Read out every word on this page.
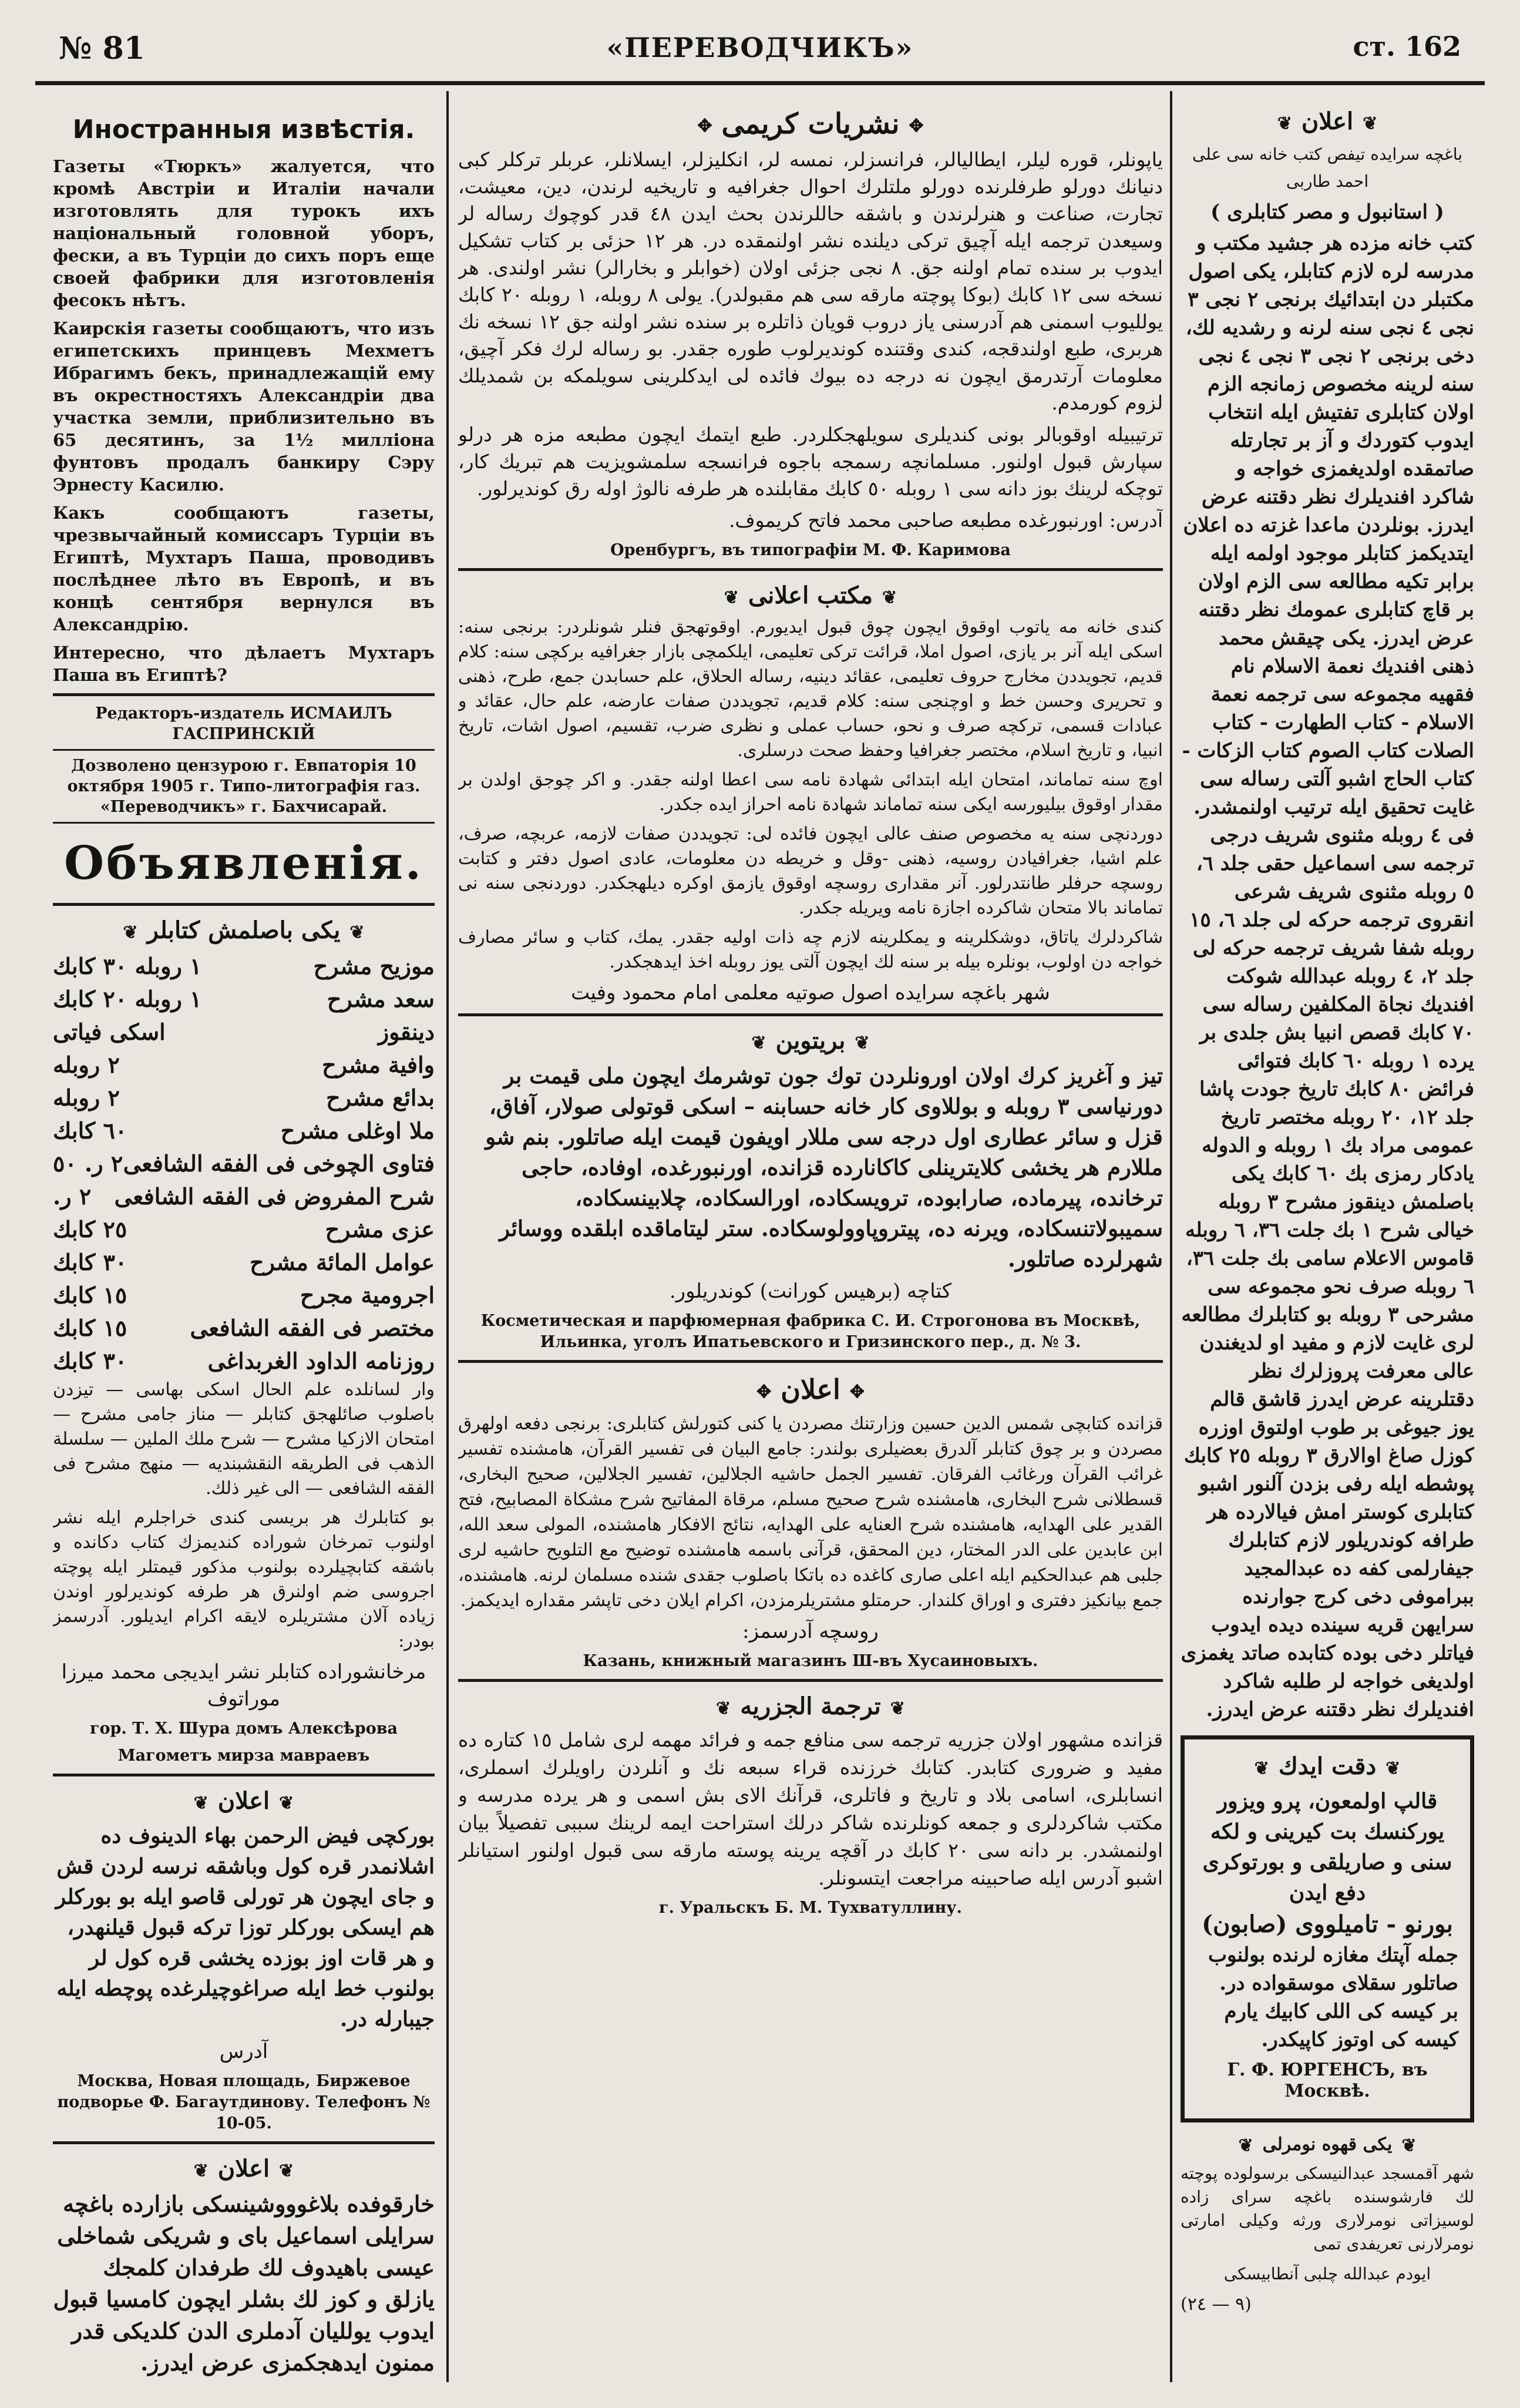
№ 81	«ПЕРЕВОДЧИКЪ»	ст. 162
Иностранныя извѣстія.

Газеты «Тюркъ» жалуется, что кромѣ Австріи и Италіи начали изготовлять для турокъ ихъ національный головной уборъ, фески, а въ Турціи до сихъ поръ еще своей фабрики для изготовленія фесокъ нѣтъ.

Каирскія газеты сообщаютъ, что изъ египетскихъ принцевъ Мехметъ Ибрагимъ бекъ, принадлежащій ему въ окрестностяхъ Александріи два участка земли, приблизительно въ 65 десятинъ, за 1½ милліона фунтовъ продалъ банкиру Сэру Эрнесту Касилю.

Какъ сообщаютъ газеты, чрезвычайный комиссаръ Турціи въ Египтѣ, Мухтаръ Паша, проводивъ послѣднее лѣто въ Европѣ, и въ концѣ сентября вернулся въ Александрію.

Интересно, что дѣлаетъ Мухтаръ Паша въ Египтѣ?

Редакторъ-издатель ИСМАИЛЪ ГАСПРИНСКІЙ
Дозволено цензурою г. Евпаторія 10 октября 1905 г. Типо-литографія газ. «Переводчикъ» г. Бахчисарай.
Объявленія.
❦يكى باصلمش كتابلر❦
موزيح مشرح
١ روبله ٣٠ كابك
سعد مشرح
١ روبله ٢٠ كابك
دينقوز
اسكى فياتى
وافية مشرح
٢ روبله
بدائع مشرح
٢ روبله
ملا اوغلى مشرح
٦٠ كابك
فتاوى الچوخى فى الفقه الشافعى
٢ ر. ٥٠
شرح المفروض فى الفقه الشافعى
٢ ر.
عزى مشرح
٢٥ كابك
عوامل المائة مشرح
٣٠ كابك
اجرومية مجرح
١٥ كابك
مختصر فى الفقه الشافعى
١٥ كابك
روزنامه الداود الغربداغى
٣٠ كابك

وار لسانلده علم الحال اسكى بهاسى — تيزدن باصلوب صائلهجق كتابلر — مناز جامى مشرح — امتحان الازكيا مشرح — شرح ملك الملين — سلسلة الذهب فى الطريقه النقشبنديه — منهج مشرح فى الفقه الشافعى — الى غير ذلك.

بو كتابلرك هر بريسى كندى خراجلرم ايله نشر اولنوب تمرخان شوراده كنديمزك كتاب دكانده و باشقه كتابچيلرده بولنوب مذكور قيمتلر ايله پوچته اجروسى ضم اولنرق هر طرفه كونديرلور اوندن زياده آلان مشتريلره لايقه اكرام ايديلور. آدرسمز بودر:

مرخانشوراده كتابلر نشر ايديجى محمد ميرزا موراتوف

гор. Т. Х. Шура домъ Алексѣрова
Магометъ мирза мавраевъ
❦اعلان❦

بوركچى فيض الرحمن بهاء الدينوف ده اشلانمدر قره كول وباشقه نرسه لردن قش و جاى ايچون هر تورلى قاصو ايله بو بوركلر هم ايسكى بوركلر توزا تركه قبول قيلنهدر، و هر قات اوز بوزده يخشى قره كول لر بولنوب خط ايله صراغوچيلرغده پوچطه ايله جيبارله در.

آدرس

Москва, Новая площадь, Биржевое подворье Ф. Багаутдинову. Телефонъ № 10-05.
❦اعلان❦

خارقوفده بلاغوووشينسكى بازارده باغچه سرايلى اسماعيل باى و شريكى شماخلى عيسى باهيدوف لك طرفدان كلمجك يازلق و كوز لك بشلر ايچون كامسيا قبول ايدوب يولليان آدملرى الدن كلديكى قدر ممنون ايدهجكمزى عرض ايدرز.

✥نشريات كريمى✥

ياپونلر، قوره ليلر، ايطاليالر، فرانسزلر، نمسه لر، انكليزلر، ايسلانلر، عربلر تركلر كبى دنيانك دورلو طرفلرنده دورلو ملتلرك احوال جغرافيه و تاريخيه لرندن، دين، معيشت، تجارت، صناعت و هنرلرندن و باشقه حاللرندن بحث ايدن ٤٨ قدر كوچوك رساله لر وسيعدن ترجمه ايله آچيق تركى ديلنده نشر اولنمقده در. هر ١٢ حزئى بر كتاب تشكيل ايدوب بر سنده تمام اولنه جق. ٨ نجى جزئى اولان (خوابلر و بخارالر) نشر اولندى. هر نسخه سى ١٢ كابك (بوكا پوچته مارقه سى هم مقبولدر). يولى ٨ روبله، ١ روبله ٢٠ كابك يولليوب اسمنى هم آدرسنى ياز دروب قويان ذاتلره بر سنده نشر اولنه جق ١٢ نسخه نك هربرى، طبع اولندقجه، كندى وقتنده كونديرلوب طوره جقدر. بو رساله لرك فكر آچيق، معلومات آرتدرمق ايچون نه درجه ده بيوك فائده لى ايدكلرينى سويلمكه بن شمديلك لزوم كورمدم.

ترتيبيله اوقوبالر بونى كنديلرى سويلهجكلردر. طبع ايتمك ايچون مطبعه مزه هر درلو سپارش قبول اولنور. مسلمانچه رسمجه باجوه فرانسجه سلمشويزيت هم تبريك كار، توچكه لرينك بوز دانه سى ١ روبله ٥٠ كابك مقابلنده هر طرفه نالوژ اوله رق كونديرلور.

آدرس: اورنبورغده مطبعه صاحبى محمد فاتح كريموف.

Оренбургъ, въ типографіи М. Ф. Каримова
❦مكتب اعلانى❦

كندى خانه مه ياتوب اوقوق ايچون چوق قبول ايديورم. اوقوتهجق فنلر شونلردر: برنجى سنه: اسكى ايله آنر بر يازى، اصول املا، قرائت تركى تعليمى، ايلكمچى بازار جغرافيه بركچى سنه: كلام قديم، تجويددن مخارج حروف تعليمى، عقائد دينيه، رساله الحلاق، علم حسابدن جمع، طرح، ذهنى و تحريرى وحسن خط و اوچنجى سنه: كلام قديم، تجويددن صفات عارضه، علم حال، عقائد و عبادات قسمى، تركچه صرف و نحو، حساب عملى و نظرى ضرب، تقسيم، اصول اشات، تاريخ انبيا، و تاريخ اسلام، مختصر جغرافيا وحفظ صحت درسلرى.

اوچ سنه تماماند، امتحان ايله ابتدائى شهادة نامه سى اعطا اولنه جقدر. و اكر چوجق اولدن بر مقدار اوقوق بيليورسه ايكى سنه تماماند شهادة نامه احراز ايده جكدر.

دوردنچى سنه يه مخصوص صنف عالى ايچون فائده لى: تجويددن صفات لازمه، عربچه، صرف، علم اشيا، جغرافيادن روسيه، ذهنى -وقل و خريطه دن معلومات، عادى اصول دفتر و كتابت روسچه حرفلر طانتدرلور. آنر مقدارى روسچه اوقوق يازمق اوكره ديلهجكدر. دوردنجى سنه نى تماماند بالا متحان شاكرده اجازة نامه ويريله جكدر.

شاكردلرك ياتاق، دوشكلرينه و يمكلرينه لازم چه ذات اوليه جقدر. يمك، كتاب و سائر مصارف خواجه دن اولوب، بونلره بيله بر سنه لك ايچون آلتى يوز روبله اخذ ايدهجكدر.

شهر باغچه سرايده اصول صوتيه معلمى امام محمود وفيت

❦بريتوين❦

تيز و آغريز كرك اولان اورونلردن توك جون توشرمك ايچون ملى قيمت بر دورنياسى ٣ روبله و بوللاوى كار خانه حسابنه – اسكى قوتولى صولار، آفاق، قزل و سائر عطارى اول درجه سى مللار اويفون قيمت ايله صاتلور. بنم شو مللارم هر يخشى كلايترينلى كاكانارده قزانده، اورنبورغده، اوفاده، حاجى ترخانده، پيرماده، صارابوده، ترويسكاده، اورالسكاده، چلابينسكاده، سميبولاتنسكاده، ويرنه ده، پيتروپاوولوسكاده. ستر ليتاماقده ابلقده ووسائر شهرلرده صاتلور.

كتاچه (برهيس كورانت) كوندريلور.

Косметическая и парфюмерная фабрика С. И. Строгонова въ Москвѣ, Ильинка, уголъ Ипатьевского и Гризинского пер., д. № 3.
✥اعلان✥

قزانده كتابچى شمس الدين حسين وزارتنك مصردن يا كنى كتورلش كتابلرى: برنجى دفعه اولهرق مصردن و بر چوق كتابلر آلدرق بعضيلرى بولندر: جامع البيان فى تفسير القرآن، هامشنده تفسير غرائب القرآن ورغائب الفرقان. تفسير الجمل حاشيه الجلالين، تفسير الجلالين، صحيح البخارى، قسطلانى شرح البخارى، هامشنده شرح صحيح مسلم، مرقاة المفاتيح شرح مشكاة المصابيح، فتح القدير على الهدايه، هامشنده شرح العنايه على الهدايه، نتائج الافكار هامشنده، المولى سعد الله، ابن عابدين على الدر المختار، دين المحقق، قرآنى باسمه هامشنده توضيح مع التلويح حاشيه لرى جلبى هم عبدالحكيم ايله اعلى صارى كاغده ده باتكا باصلوب جقدى شنده مسلمان لرنه. هامشنده، جمع بيانكيز دفترى و اوراق كلندار. حرمتلو مشتريلرمزدن، اكرام ايلان دخى تاپشر مقداره ايديكمز.

روسچه آدرسمز:

Казань, книжный магазинъ Ш-въ Хусаиновыхъ.
❦ترجمة الجزريه❦

قزانده مشهور اولان جزريه ترجمه سى منافع جمه و فرائد مهمه لرى شامل ١٥ كتاره ده مفيد و ضرورى كتابدر. كتابك خرزنده قراء سبعه نك و آنلردن راويلرك اسملرى، انسابلرى، اسامى بلاد و تاريخ و فاتلرى، قرآنك الاى بش اسمى و هر يرده مدرسه و مكتب شاكردلرى و جمعه كونلرنده شاكر درلك استراحت ايمه لرينك سببى تفصيلاً بيان اولنمشدر. بر دانه سى ٢٠ كابك در آقچه يرينه پوسته مارقه سى قبول اولنور استيانلر اشبو آدرس ايله صاحبينه مراجعت ايتسونلر.

г. Уральскъ Б. М. Тухватуллину.
❦اعلان❦

باغچه سرايده تيفص كتب خانه سى على احمد طاربى

( استانبول و مصر كتابلرى )

كتب خانه مزده هر جشيد مكتب و مدرسه لره لازم كتابلر، يكى اصول مكتبلر دن ابتدائيك برنجى ٢ نجى ٣ نجى ٤ نجى سنه لرنه و رشديه لك، دخى برنجى ٢ نجى ٣ نجى ٤ نجى سنه لرينه مخصوص زمانجه الزم اولان كتابلرى تفتيش ايله انتخاب ايدوب كتوردك و آز بر تجارتله صاتمقده اولديغمزى خواجه و شاكرد افنديلرك نظر دقتنه عرض ايدرز. بونلردن ماعدا غزته ده اعلان ايتديكمز كتابلر موجود اولمه ايله برابر تكيه مطالعه سى الزم اولان بر قاچ كتابلرى عمومك نظر دقتنه عرض ايدرز. يكى چيقش محمد ذهنى افنديك نعمة الاسلام نام فقهيه مجموعه سى ترجمه نعمة الاسلام - كتاب الطهارت - كتاب الصلات كتاب الصوم كتاب الزكات - كتاب الحاج اشبو آلتى رساله سى غايت تحقيق ايله ترتيب اولنمشدر. فى ٤ روبله مثنوى شريف درجى ترجمه سى اسماعيل حقى جلد ٦، ٥ روبله مثنوى شريف شرعى انقروى ترجمه حركه لى جلد ٦، ١٥ روبله شفا شريف ترجمه حركه لى جلد ٢، ٤ روبله عبدالله شوكت افنديك نجاة المكلفين رساله سى ٧٠ كابك قصص انبيا بش جلدى بر يرده ١ روبله ٦٠ كابك فتوائى فرائض ٨٠ كابك تاريخ جودت پاشا جلد ١٢، ٢٠ روبله مختصر تاريخ عمومى مراد بك ١ روبله و الدوله يادكار رمزى بك ٦٠ كابك يكى باصلمش دينقوز مشرح ٣ روبله خيالى شرح ١ بك جلت ٣٦، ٦ روبله قاموس الاعلام سامى بك جلت ٣٦، ٦ روبله صرف نحو مجموعه سى مشرحى ٣ روبله بو كتابلرك مطالعه لرى غايت لازم و مفيد او لديغندن عالى معرفت پروزلرك نظر دقتلرينه عرض ايدرز قاشق قالم يوز جيوغى بر طوب اولتوق اوزره كوزل صاغ اوالارق ٣ روبله ٢٥ كابك پوشطه ايله رفى بزدن آلنور اشبو كتابلرى كوستر امش فيالارده هر طرافه كوندريلور لازم كتابلرك جيفارلمى كفه ده عبدالمجيد ببراموفى دخى كرج جوارنده سرايهن قريه سينده ديده ايدوب فياتلر دخى بوده كتابده صاتد يغمزى اولديغى خواجه لر طلبه شاكرد افنديلرك نظر دقتنه عرض ايدرز.

❦دقت ايدك❦

قالپ اولمعون، پرو ويزور يوركنسك بت كيرينى و لكه سنى و صاريلقى و بورتوكرى دفع ايدن

بورنو - تاميلووى (صابون)

جمله آپتك مغازه لرنده بولنوب صاتلور سقلاى موسقواده در. بر كيسه كى اللى كابيك يارم كيسه كى اوتوز كاپيكدر.

Г. Ф. ЮРГЕНСЪ, въ Москвѣ.
❦يكى قهوه نومرلى❦

شهر آقمسجد عبدالنيسكى برسولوده پوچته لك فارشوسنده باغچه سراى زاده لوسيزاتى نومرلارى ورثه وكيلى امارتى نومرلارنى تعريفدى تمى

ايودم عبدالله چلبى آنطابيسكى

(٩ — ٢٤)
